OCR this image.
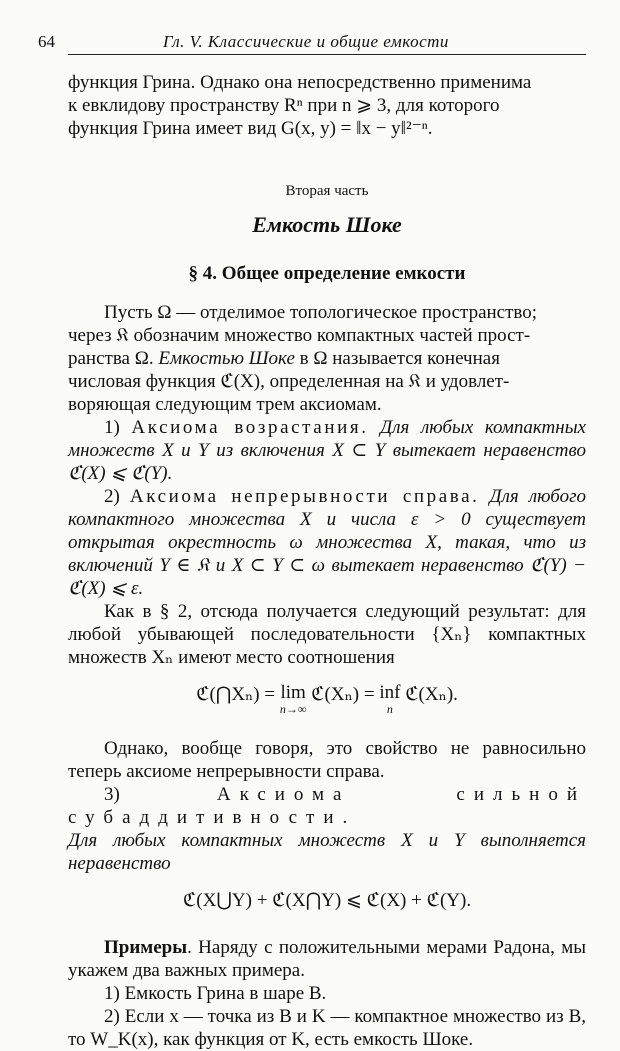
64	Гл. V. Классические и общие емкости

функция Грина. Однако она непосредственно применима

к евклидову пространству Rⁿ при n ⩾ 3, для которого

функция Грина имеет вид G(x, y) = ‖x − y‖²⁻ⁿ.

Вторая часть
Емкость Шоке
§ 4. Общее определение емкости

Пусть Ω — отделимое топологическое пространство;

через 𝔎 обозначим множество компактных частей прост-

ранства Ω. Емкостью Шоке в Ω называется конечная

числовая функция ℭ(X), определенная на 𝔎 и удовлет-

воряющая следующим трем аксиомам.

1) Аксиома возрастания. Для любых компактных множеств X и Y из включения X ⊂ Y вытекает неравенство ℭ(X) ⩽ ℭ(Y).

2) Аксиома непрерывности справа. Для любого компактного множества X и числа ε > 0 существует открытая окрестность ω множества X, такая, что из включений Y ∈ 𝔎 и X ⊂ Y ⊂ ω вытекает неравенство ℭ(Y) − ℭ(X) ⩽ ε.

Как в § 2, отсюда получается следующий результат: для любой убывающей последовательности {Xₙ} компактных множеств Xₙ имеют место соотношения

ℭ(⋂Xₙ) = lim
n→∞
ℭ(Xₙ) = inf
n
ℭ(Xₙ).

Однако, вообще говоря, это свойство не равносильно теперь аксиоме непрерывности справа.

3) Аксиома сильной субаддитивности.

Для любых компактных множеств X и Y выполняется неравенство

ℭ(X⋃Y) + ℭ(X⋂Y) ⩽ ℭ(X) + ℭ(Y).

Примеры. Наряду с положительными мерами Радона, мы укажем два важных примера.

1) Емкость Грина в шаре B.

2) Если x — точка из B и K — компактное множество из B, то W_K(x), как функция от K, есть емкость Шоке.
